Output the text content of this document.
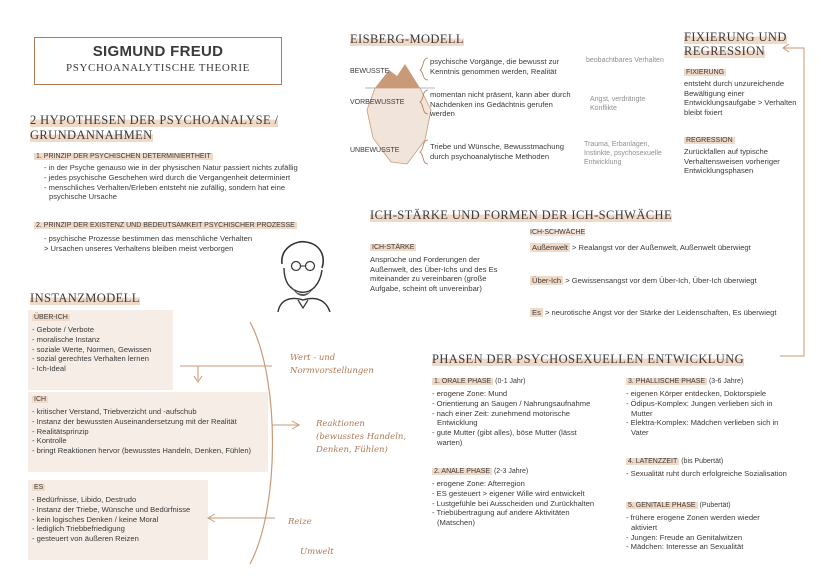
SIGMUND FREUD
PSYCHOANALYTISCHE THEORIE
2 HYPOTHESEN DER PSYCHOANALYSE /
GRUNDANNAHMEN
1. PRINZIP DER PSYCHISCHEN DETERMINIERTHEIT
- in der Psyche genauso wie in der physischen Natur passiert nichts zufällig
- jedes psychische Geschehen wird durch die Vergangenheit determiniert
- menschliches Verhalten/Erleben entsteht nie zufällig, sondern hat eine
psychische Ursache
2. PRINZIP DER EXISTENZ UND BEDEUTSAMKEIT PSYCHISCHER PROZESSE
- psychische Prozesse bestimmen das menschliche Verhalten
> Ursachen unseres Verhaltens bleiben meist verborgen
INSTANZMODELL
ÜBER-ICH
- Gebote / Verbote
- moralische Instanz
- soziale Werte, Normen, Gewissen
- sozial gerechtes Verhalten lernen
- Ich-Ideal
ICH
- kritischer Verstand, Triebverzicht und -aufschub
- Instanz der bewussten Auseinandersetzung mit der Realität
- Realitätsprinzip
- Kontrolle
- bringt Reaktionen hervor (bewusstes Handeln, Denken, Fühlen)
ES
- Bedürfnisse, Libido, Destrudo
- Instanz der Triebe, Wünsche und Bedürfnisse
- kein logisches Denken / keine Moral
- lediglich Triebbefriedigung
- gesteuert von äußeren Reizen
Wert - und
Normvorstellungen
Reaktionen
(bewusstes Handeln,
Denken, Fühlen)
Reize
Umwelt
EISBERG-MODELL
BEWUSSTE
VORBEWUSSTE
UNBEWUSSTE
psychische Vorgänge, die bewusst zur Kenntnis genommen werden, Realität
momentan nicht präsent, kann aber durch Nachdenken ins Gedächtnis gerufen werden
Triebe und Wünsche, Bewusstmachung durch psychoanalytische Methoden
beobachtbares Verhalten
Angst, verdrängte Konflikte
Trauma, Erbanlagen, Instinkte, psychosexuelle Entwicklung
FIXIERUNG UND
REGRESSION
FIXIERUNG
entsteht durch unzureichende Bewältigung einer Entwicklungsaufgabe > Verhalten bleibt fixiert
REGRESSION
Zurückfallen auf typische Verhaltensweisen vorheriger Entwicklungsphasen
ICH-STÄRKE UND FORMEN DER ICH-SCHWÄCHE
ICH-STÄRKE
Ansprüche und Forderungen der Außenwelt, des Über-Ichs und des Es miteinander zu vereinbaren (große Aufgabe, scheint oft unvereinbar)
ICH-SCHWÄCHE
Außenwelt > Realangst vor der Außenwelt, Außenwelt überwiegt
Über-Ich > Gewissensangst vor dem Über-Ich, Über-Ich überwiegt
Es > neurotische Angst vor der Stärke der Leidenschaften, Es überwiegt
PHASEN DER PSYCHOSEXUELLEN ENTWICKLUNG
1. ORALE PHASE (0-1 Jahr)
- erogene Zone: Mund
- Orientierung an Saugen / Nahrungsaufnahme
- nach einer Zeit: zunehmend motorische
Entwicklung
- gute Mutter (gibt alles), böse Mutter (lässt
warten)
2. ANALE PHASE (2-3 Jahre)
- erogene Zone: Afterregion
- ES gesteuert > eigener Wille wird entwickelt
- Lustgefühle bei Ausscheiden und Zurückhalten
- Triebübertragung auf andere Aktivitäten
(Matschen)
3. PHALLISCHE PHASE (3-6 Jahre)
- eigenen Körper entdecken, Doktorspiele
- Ödipus-Komplex: Jungen verlieben sich in
Mutter
- Elektra-Komplex: Mädchen verlieben sich in
Vater
4. LATENZZEIT (bis Pubertät)
- Sexualität ruht durch erfolgreiche Sozialisation
5. GENITALE PHASE (Pubertät)
- frühere erogene Zonen werden wieder
aktiviert
- Jungen: Freude an Genitalwitzen
- Mädchen: Interesse an Sexualität
